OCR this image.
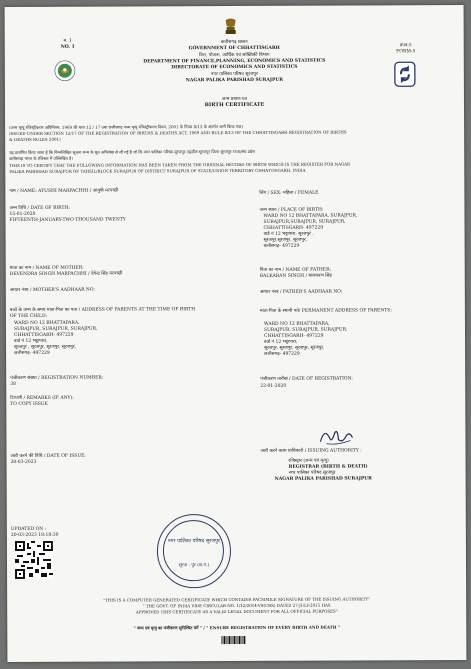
म. 1
NO. 1	प्रपत्र-5
FORM-5
छत्तीसगढ़ शासन
GOVERNMENT OF CHHATTISGARH
वित्त, योजना, आर्थिक एवं सांख्यिकी विभाग
DEPARTMENT OF FINANCE,PLANNING, ECONOMICS AND STATISTICS
DIRECTORATE OF ECONOMICS AND STATISTICS
नगर पालिका परिषद सूरजपुर
NAGAR PALIKA PARISHAD SURAJPUR
जन्म प्रमाण-पत्र
BIRTH CERTIFICATE
(जन्म मृत्यु रजिस्ट्रीकरण अधिनियम, 1969 की धारा 12 / 17 तथा छत्तीसगढ़ जन्म मृत्यु रजिस्ट्रीकरण नियम, 2001 के नियम 8/13 के अंतर्गत जारी किया गया)
ISSUED UNDER SECTION 12/17 OF THE REGISTRATION OF BIRTHS & DEATHS ACT, 1969 AND RULE 8/13 OF THE CHHATTISGARH REGISTRATION OF BIRTHS
& DEATHS RULES 2001)
यह प्रमाणित किया जाता है कि निम्नलिखित सूचना जन्म के मूल अभिलेख से ली गई है जो कि नगर पालिका परिषद सूरजपुर तहसील सूरजपुर जिला सूरजपुर राज्य/संघ प्रदेश
छत्तीसगढ़ भारत के रजिस्टर में उल्लिखित है।
THIS IS TO CERTIFY THAT THE FOLLOWING INFORMATION HAS BEEN TAKEN FROM THE ORIGINAL RECORD OF BIRTH WHICH IS THE REGISTER FOR NAGAR
PALIKA PARISHAD SURAJPUR OF TAHSIL/BLOCK SURAJPUR OF DISTRICT SURAJPUR OF STATE/UNION TERRITORY CHHATTISGARH, INDIA
नाम / NAME: AYUSHI MARPACHHI / आयुषी मरपच्छी	लिंग / SEX: महिला / FEMALE
जन्म तिथि / DATE OF BIRTH:
15-01-2020
FIFTEENTH-JANUARY-TWO THOUSAND TWENTY
जन्म स्थान / PLACE OF BIRTH:
WARD NO 12 BHATTAPARA, SURAJPUR,
SURAJPUR,SURAJPUR, SURAJPUR,
CHHATTISGARH- 497229
वार्ड नं 12 भट्ठापारा, सूरजपुर ,
सूरजपुर,सूरजपुर, सूरजपुर,
छत्तीसगढ़- 497229
माता का नाम / NAME OF MOTHER:
DEVENDRA SINGH MARPACHHI / देवेन्द्र सिंह मरपच्छी
पिता का नाम / NAME OF FATHER:
BALKARAN SINGH / बालकरण सिंह
आधार नंबर / MOTHER'S AADHAAR NO:	आधार नंबर / FATHER'S AADHAAR NO:
बच्चे के जन्म के समय माता-पिता का पता / ADDRESS OF PARENTS AT THE TIME OF BIRTH
OF THE CHILD:
WARD NO 12 BHATTAPARA,
SURAJPUR, SURAJPUR, SURAJPUR,
CHHATTISGARH- 497229
वार्ड नं 12 भट्ठापारा,
सूरजपुर , सूरजपुर, सूरजपुर, सूरजपुर,
छत्तीसगढ़- 497229
माता-पिता के स्थायी पते/ PERMANENT ADDRESS OF PARENTS:
WARD NO 12 BHATTAPARA,
SURAJPUR, SURAJPUR, SURAJPUR,
CHHATTISGARH- 497229
वार्ड नं 12 भट्ठापारा,
सूरजपुर, सूरजपुर, सूरजपुर, सूरजपुर,
छत्तीसगढ़- 497229
पंजीकरण संख्या / REGISTRATION NUMBER:
38
पंजीकरण तारीख / DATE OF REGISTRATION:
22-01-2020
टिप्पणी / REMARKS (IF ANY):
TO COPY ISSUE
जारी करने की तिथि / DATE OF ISSUE:
20-03-2023
जारी करने वाला प्राधिकारी / ISSUING AUTHORITY :
रजिस्ट्रार (जन्म एवं मृत्यु)
REGISTRAR (BIRTH & DEATH)
नगर पालिका परिषद सूरजपुर
NAGAR PALIKA PARISHAD SURAJPUR
UPDATED ON :
20-03-2023 18:18:30
नगर पालिका परिषद सूरजपुर
सूरज - पुर (छ.ग.)
"THIS IS A COMPUTER GENERATED CERTIFICATE WHICH CONTAINS FACSIMILE SIGNATURE OF THE ISSUING AUTHORITY"
" THE GOVT. OF INDIA VIDE CIRCULAR NO. 1/12/2014-VS(CRS) DATED 27-JULY-2015 HAS
APPROVED THIS CERTIFICATE AS A VALID LEGAL DOCUMENT FOR ALL OFFICIAL PURPOSES"
" जन्म एवं मृत्यु का पंजीकरण सुनिश्चित करें " / " ENSURE REGISTRATION OF EVERY BIRTH AND DEATH "
